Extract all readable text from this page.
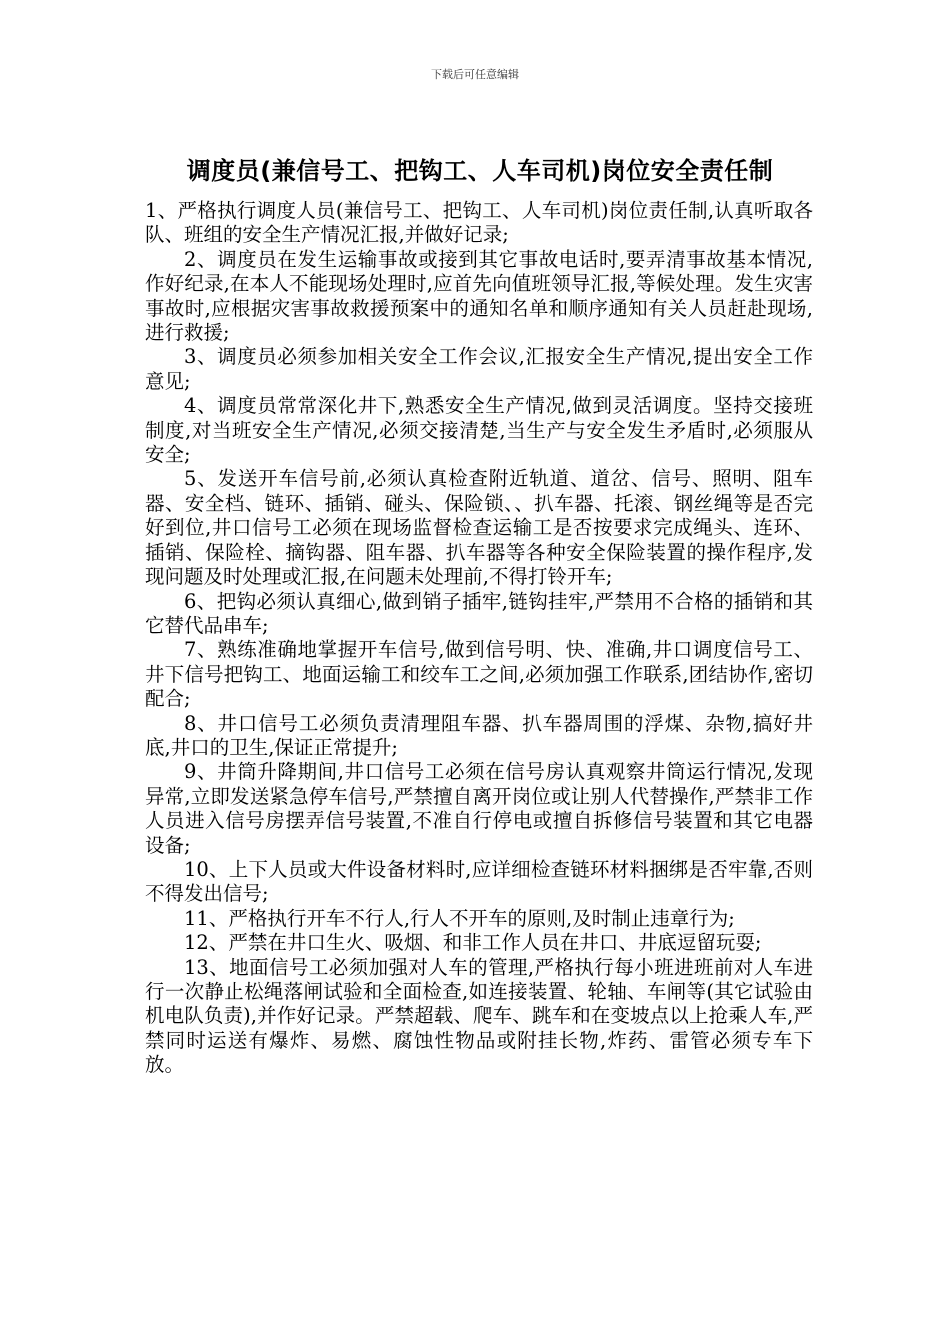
下载后可任意编辑
调度员(兼信号工、把钩工、人车司机)岗位安全责任制

1、严格执行调度人员(兼信号工、把钩工、人车司机)岗位责任制,认真听取各队、班组的安全生产情况汇报,并做好记录;

2、调度员在发生运输事故或接到其它事故电话时,要弄清事故基本情况,作好纪录,在本人不能现场处理时,应首先向值班领导汇报,等候处理。发生灾害事故时,应根据灾害事故救援预案中的通知名单和顺序通知有关人员赶赴现场,进行救援;

3、调度员必须参加相关安全工作会议,汇报安全生产情况,提出安全工作意见;

4、调度员常常深化井下,熟悉安全生产情况,做到灵活调度。坚持交接班制度,对当班安全生产情况,必须交接清楚,当生产与安全发生矛盾时,必须服从安全;

5、发送开车信号前,必须认真检查附近轨道、道岔、信号、照明、阻车器、安全档、链环、插销、碰头、保险锁、、扒车器、托滚、钢丝绳等是否完好到位,井口信号工必须在现场监督检查运输工是否按要求完成绳头、连环、插销、保险栓、摘钩器、阻车器、扒车器等各种安全保险装置的操作程序,发现问题及时处理或汇报,在问题未处理前,不得打铃开车;

6、把钩必须认真细心,做到销子插牢,链钩挂牢,严禁用不合格的插销和其它替代品串车;

7、熟练准确地掌握开车信号,做到信号明、快、准确,井口调度信号工、井下信号把钩工、地面运输工和绞车工之间,必须加强工作联系,团结协作,密切配合;

8、井口信号工必须负责清理阻车器、扒车器周围的浮煤、杂物,搞好井底,井口的卫生,保证正常提升;

9、井筒升降期间,井口信号工必须在信号房认真观察井筒运行情况,发现异常,立即发送紧急停车信号,严禁擅自离开岗位或让别人代替操作,严禁非工作人员进入信号房摆弄信号装置,不准自行停电或擅自拆修信号装置和其它电器设备;

10、上下人员或大件设备材料时,应详细检查链环材料捆绑是否牢靠,否则不得发出信号;

11、严格执行开车不行人,行人不开车的原则,及时制止违章行为;

12、严禁在井口生火、吸烟、和非工作人员在井口、井底逗留玩耍;

13、地面信号工必须加强对人车的管理,严格执行每小班进班前对人车进行一次静止松绳落闸试验和全面检查,如连接装置、轮轴、车闸等(其它试验由机电队负责),并作好记录。严禁超载、爬车、跳车和在变坡点以上抢乘人车,严禁同时运送有爆炸、易燃、腐蚀性物品或附挂长物,炸药、雷管必须专车下放。
